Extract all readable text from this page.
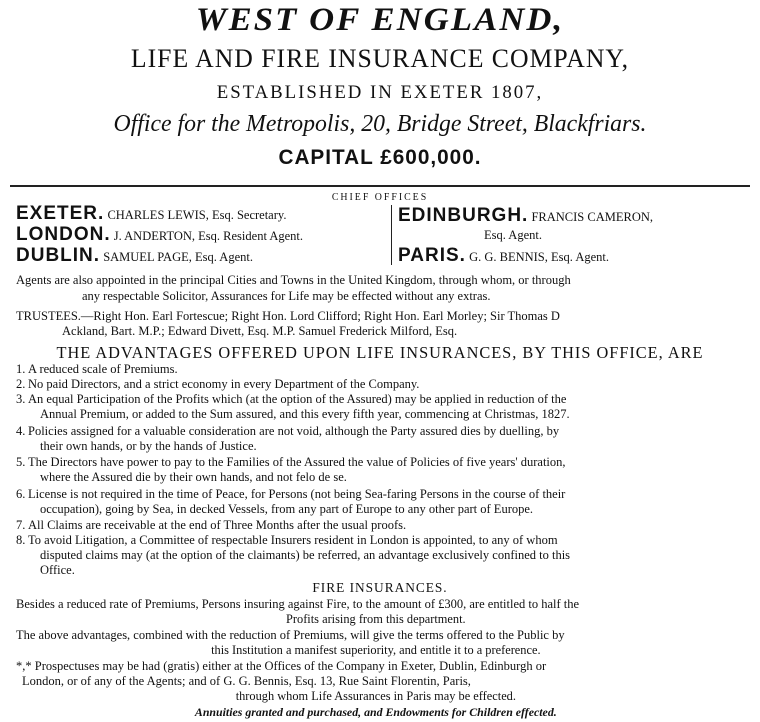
WEST OF ENGLAND,
LIFE AND FIRE INSURANCE COMPANY,
ESTABLISHED IN EXETER 1807,
Office for the Metropolis, 20, Bridge Street, Blackfriars.
CAPITAL £600,000.
CHIEF OFFICES
EXETER. CHARLES LEWIS, Esq. Secretary.
LONDON. J. ANDERTON, Esq. Resident Agent.
DUBLIN. SAMUEL PAGE, Esq. Agent.
EDINBURGH. FRANCIS CAMERON,
Esq. Agent.
PARIS. G. G. BENNIS, Esq. Agent.
Agents are also appointed in the principal Cities and Towns in the United Kingdom, through whom, or through
any respectable Solicitor, Assurances for Life may be effected without any extras.
TRUSTEES.—Right Hon. Earl Fortescue; Right Hon. Lord Clifford; Right Hon. Earl Morley; Sir Thomas D
Ackland, Bart. M.P.; Edward Divett, Esq. M.P. Samuel Frederick Milford, Esq.
THE ADVANTAGES OFFERED UPON LIFE INSURANCES, BY THIS OFFICE, ARE
1. A reduced scale of Premiums.
2. No paid Directors, and a strict economy in every Department of the Company.
3. An equal Participation of the Profits which (at the option of the Assured) may be applied in reduction of the
Annual Premium, or added to the Sum assured, and this every fifth year, commencing at Christmas, 1827.
4. Policies assigned for a valuable consideration are not void, although the Party assured dies by duelling, by
their own hands, or by the hands of Justice.
5. The Directors have power to pay to the Families of the Assured the value of Policies of five years' duration,
where the Assured die by their own hands, and not felo de se.
6. License is not required in the time of Peace, for Persons (not being Sea-faring Persons in the course of their
occupation), going by Sea, in decked Vessels, from any part of Europe to any other part of Europe.
7. All Claims are receivable at the end of Three Months after the usual proofs.
8. To avoid Litigation, a Committee of respectable Insurers resident in London is appointed, to any of whom
disputed claims may (at the option of the claimants) be referred, an advantage exclusively confined to this
Office.
FIRE INSURANCES.
Besides a reduced rate of Premiums, Persons insuring against Fire, to the amount of £300, are entitled to half the
Profits arising from this department.
The above advantages, combined with the reduction of Premiums, will give the terms offered to the Public by
this Institution a manifest superiority, and entitle it to a preference.
*,* Prospectuses may be had (gratis) either at the Offices of the Company in Exeter, Dublin, Edinburgh or
London, or of any of the Agents; and of G. G. Bennis, Esq. 13, Rue Saint Florentin, Paris,
through whom Life Assurances in Paris may be effected.
Annuities granted and purchased, and Endowments for Children effected.
